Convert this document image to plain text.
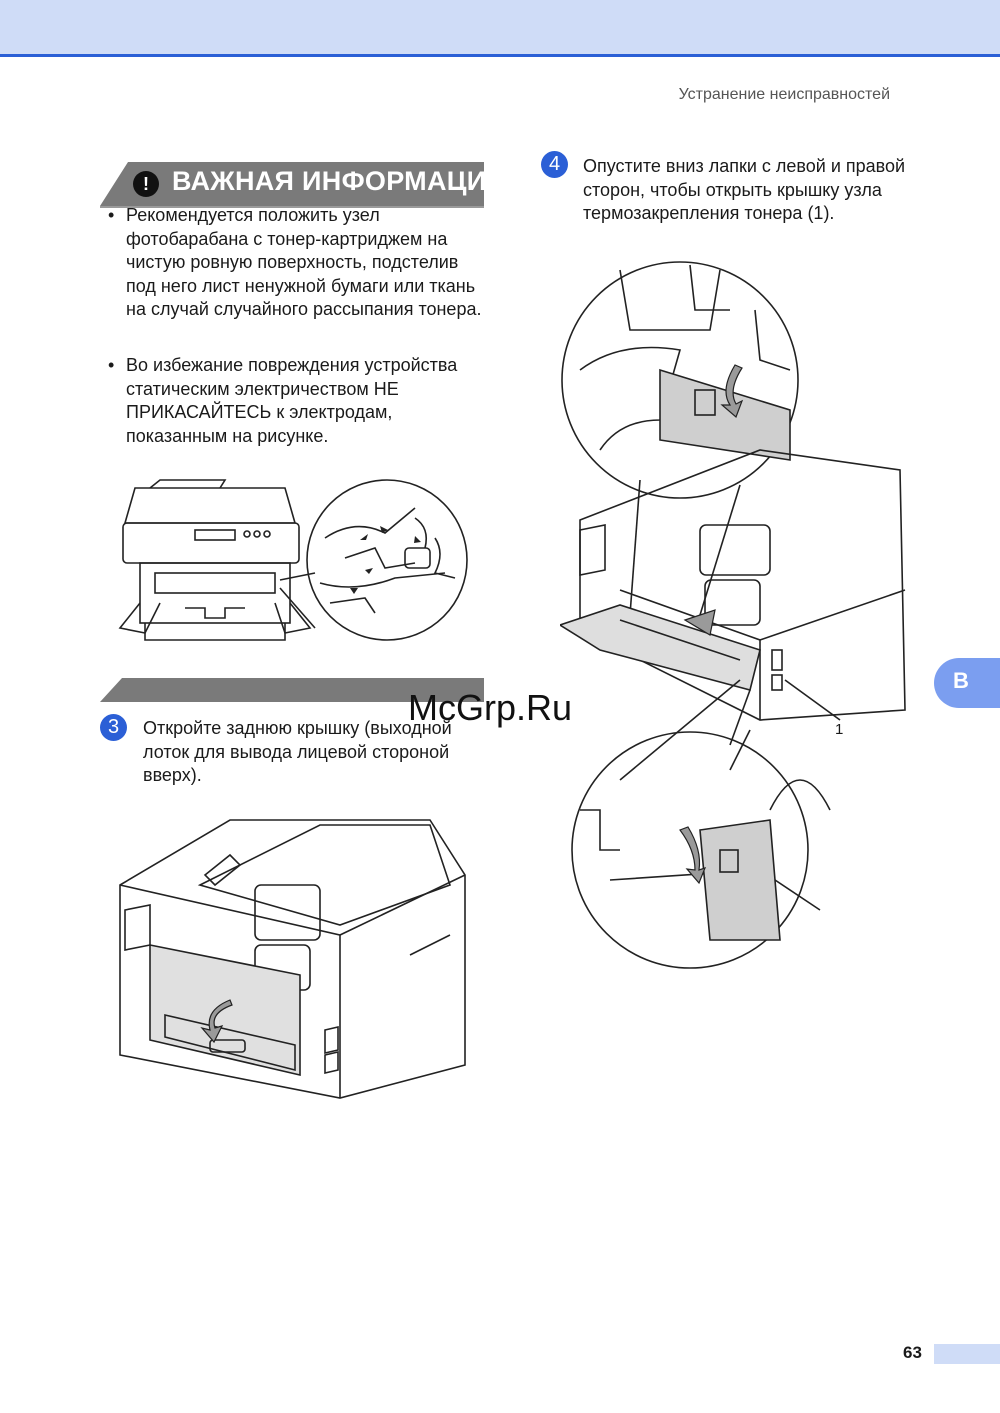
Устранение неисправностей
! ВАЖНАЯ ИНФОРМАЦИЯ
• Рекомендуется положить узел фотобарабана с тонер-картриджем на чистую ровную поверхность, подстелив под него лист ненужной бумаги или ткань на случай случайного рассыпания тонера.
• Во избежание повреждения устройства статическим электричеством НЕ ПРИКАСАЙТЕСЬ к электродам, показанным на рисунке.
3	Откройте заднюю крышку (выходной лоток для вывода лицевой стороной вверх).
McGrp.Ru
4	Опустите вниз лапки с левой и правой сторон, чтобы открыть крышку узла термозакрепления тонера (1).
1
B
63
